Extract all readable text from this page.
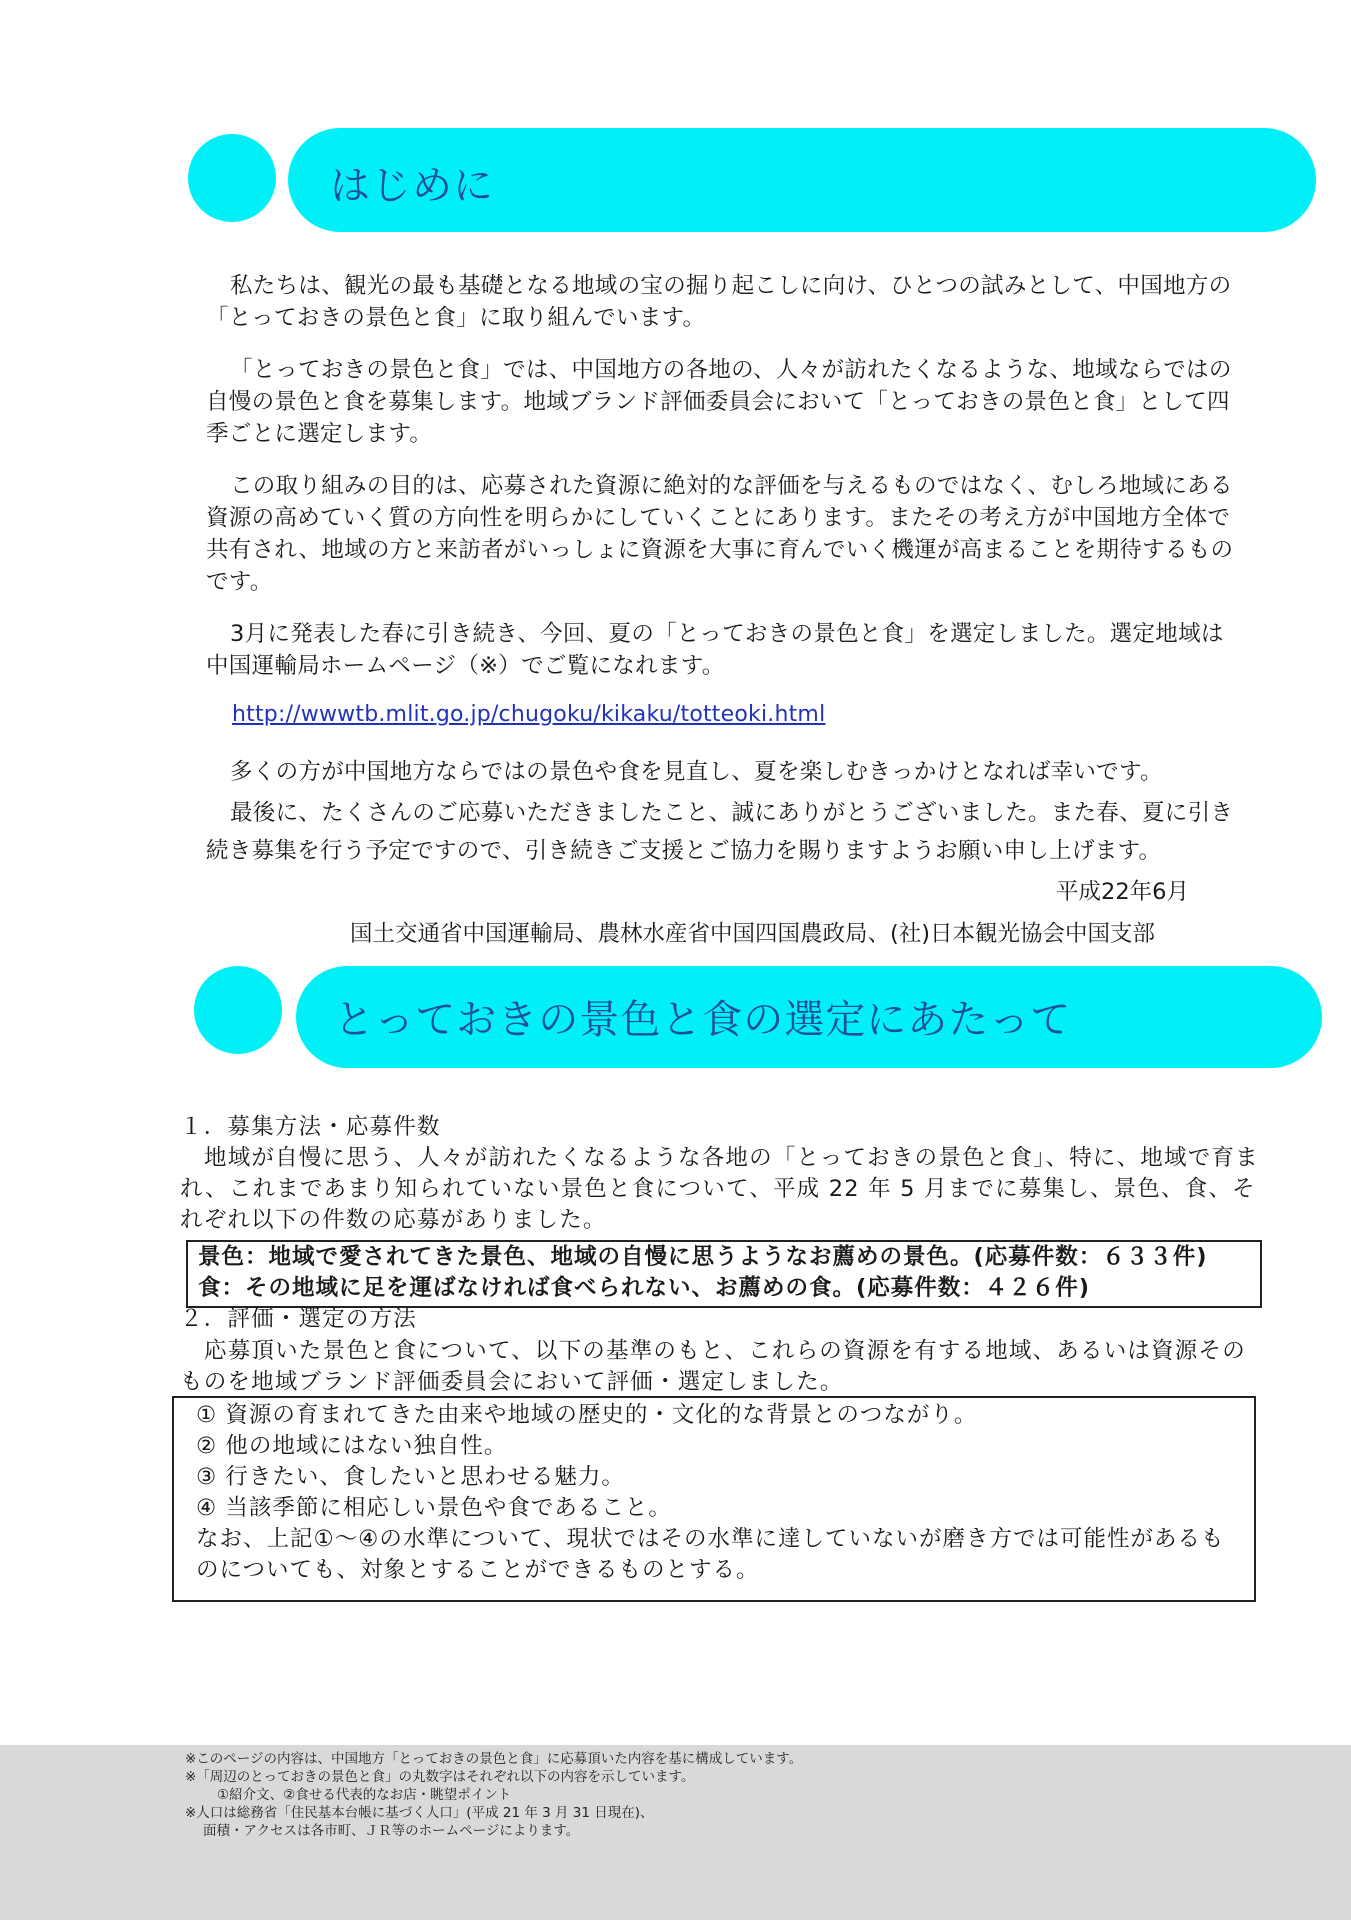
はじめに

私たちは、観光の最も基礎となる地域の宝の掘り起こしに向け、ひとつの試みとして、中国地方の「とっておきの景色と食」に取り組んでいます。

「とっておきの景色と食」では、中国地方の各地の、人々が訪れたくなるような、地域ならではの自慢の景色と食を募集します。地域ブランド評価委員会において「とっておきの景色と食」として四季ごとに選定します。

この取り組みの目的は、応募された資源に絶対的な評価を与えるものではなく、むしろ地域にある資源の高めていく質の方向性を明らかにしていくことにあります。またその考え方が中国地方全体で共有され、地域の方と来訪者がいっしょに資源を大事に育んでいく機運が高まることを期待するものです。

3月に発表した春に引き続き、今回、夏の「とっておきの景色と食」を選定しました。選定地域は中国運輸局ホームページ（※）でご覧になれます。

http://wwwtb.mlit.go.jp/chugoku/kikaku/totteoki.html

多くの方が中国地方ならではの景色や食を見直し、夏を楽しむきっかけとなれば幸いです。

最後に、たくさんのご応募いただきましたこと、誠にありがとうございました。また春、夏に引き続き募集を行う予定ですので、引き続きご支援とご協力を賜りますようお願い申し上げます。

平成22年6月
国土交通省中国運輸局、農林水産省中国四国農政局、(社)日本観光協会中国支部
とっておきの景色と食の選定にあたって
１．募集方法・応募件数

地域が自慢に思う、人々が訪れたくなるような各地の「とっておきの景色と食」、特に、地域で育まれ、これまであまり知られていない景色と食について、平成 22 年 5 月までに募集し、景色、食、それぞれ以下の件数の応募がありました。

景色：地域で愛されてきた景色、地域の自慢に思うようなお薦めの景色。(応募件数：６３３件)
食：その地域に足を運ばなければ食べられない、お薦めの食。(応募件数：４２６件)
２．評価・選定の方法

応募頂いた景色と食について、以下の基準のもと、これらの資源を有する地域、あるいは資源そのものを地域ブランド評価委員会において評価・選定しました。

① 資源の育まれてきた由来や地域の歴史的・文化的な背景とのつながり。
② 他の地域にはない独自性。
③ 行きたい、食したいと思わせる魅力。
④ 当該季節に相応しい景色や食であること。
なお、上記①～④の水準について、現状ではその水準に達していないが磨き方では可能性があるものについても、対象とすることができるものとする。
※このページの内容は、中国地方「とっておきの景色と食」に応募頂いた内容を基に構成しています。
※「周辺のとっておきの景色と食」の丸数字はそれぞれ以下の内容を示しています。
①紹介文、②食せる代表的なお店・眺望ポイント
※人口は総務省「住民基本台帳に基づく人口」(平成 21 年 3 月 31 日現在)、
面積・アクセスは各市町、ＪＲ等のホームページによります。
